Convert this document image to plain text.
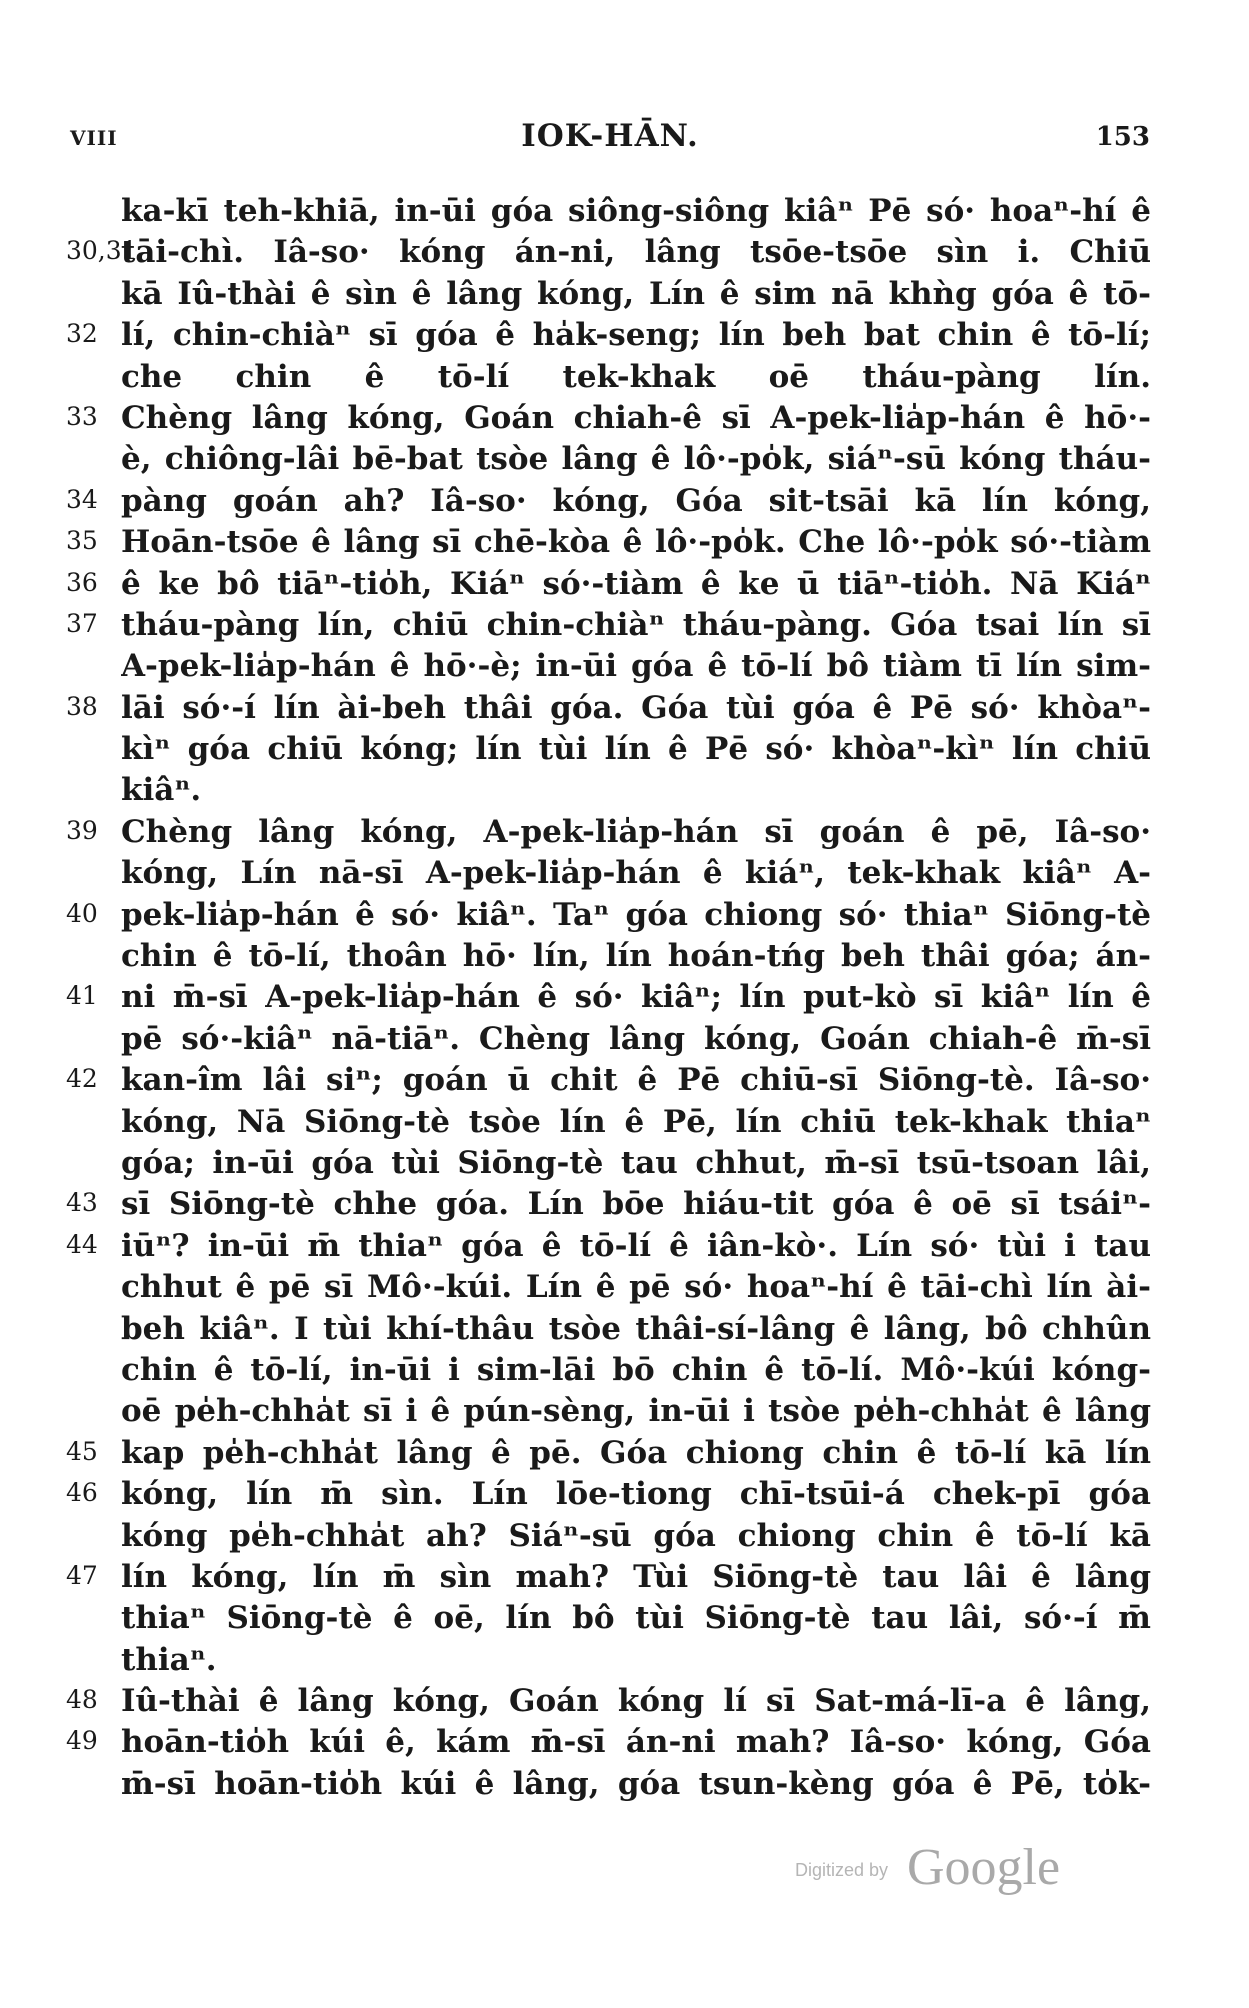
VIII	IOK-HĀN.	153
ka-kī teh-khiā, in-ūi góa siông-siông kiâⁿ Pē só· hoaⁿ-hí ê
30,31
tāi-chì. Iâ-so· kóng án-ni, lâng tsōe-tsōe sìn i. Chiū
kā Iû-thài ê sìn ê lâng kóng, Lín ê sim nā khǹg góa ê tō-
32 lí, chin-chiàⁿ sī góa ê ha̍k-seng; lín beh bat chin ê tō-lí;
che chin ê tō-lí tek-khak oē tháu-pàng lín.
33 Chèng lâng kóng, Goán chiah-ê sī A-pek-lia̍p-hán ê hō·-
è, chiông-lâi bē-bat tsòe lâng ê lô·-po̍k, siáⁿ-sū kóng tháu-
34 pàng goán ah? Iâ-so· kóng, Góa sit-tsāi kā lín kóng,
35 Hoān-tsōe ê lâng sī chē-kòa ê lô·-po̍k. Che lô·-po̍k só·-tiàm
36 ê ke bô tiāⁿ-tio̍h, Kiáⁿ só·-tiàm ê ke ū tiāⁿ-tio̍h. Nā Kiáⁿ
37 tháu-pàng lín, chiū chin-chiàⁿ tháu-pàng. Góa tsai lín sī
A-pek-lia̍p-hán ê hō·-è; in-ūi góa ê tō-lí bô tiàm tī lín sim-
38 lāi só·-í lín ài-beh thâi góa. Góa tùi góa ê Pē só· khòaⁿ-
kìⁿ góa chiū kóng; lín tùi lín ê Pē só· khòaⁿ-kìⁿ lín chiū
kiâⁿ.
39 Chèng lâng kóng, A-pek-lia̍p-hán sī goán ê pē, Iâ-so·
kóng, Lín nā-sī A-pek-lia̍p-hán ê kiáⁿ, tek-khak kiâⁿ A-
40 pek-lia̍p-hán ê só· kiâⁿ. Taⁿ góa chiong só· thiaⁿ Siōng-tè
chin ê tō-lí, thoân hō· lín, lín hoán-tńg beh thâi góa; án-
41 ni m̄-sī A-pek-lia̍p-hán ê só· kiâⁿ; lín put-kò sī kiâⁿ lín ê
pē só·-kiâⁿ nā-tiāⁿ. Chèng lâng kóng, Goán chiah-ê m̄-sī
42 kan-îm lâi siⁿ; goán ū chit ê Pē chiū-sī Siōng-tè. Iâ-so·
kóng, Nā Siōng-tè tsòe lín ê Pē, lín chiū tek-khak thiaⁿ
góa; in-ūi góa tùi Siōng-tè tau chhut, m̄-sī tsū-tsoan lâi,
43 sī Siōng-tè chhe góa. Lín bōe hiáu-tit góa ê oē sī tsáiⁿ-
44 iūⁿ? in-ūi m̄ thiaⁿ góa ê tō-lí ê iân-kò·. Lín só· tùi i tau
chhut ê pē sī Mô·-kúi. Lín ê pē só· hoaⁿ-hí ê tāi-chì lín ài-
beh kiâⁿ. I tùi khí-thâu tsòe thâi-sí-lâng ê lâng, bô chhûn
chin ê tō-lí, in-ūi i sim-lāi bō chin ê tō-lí. Mô·-kúi kóng-
oē pe̍h-chha̍t sī i ê pún-sèng, in-ūi i tsòe pe̍h-chha̍t ê lâng
45 kap pe̍h-chha̍t lâng ê pē. Góa chiong chin ê tō-lí kā lín
46 kóng, lín m̄ sìn. Lín lōe-tiong chī-tsūi-á chek-pī góa
kóng pe̍h-chha̍t ah? Siáⁿ-sū góa chiong chin ê tō-lí kā
47 lín kóng, lín m̄ sìn mah? Tùi Siōng-tè tau lâi ê lâng
thiaⁿ Siōng-tè ê oē, lín bô tùi Siōng-tè tau lâi, só·-í m̄
thiaⁿ.
48 Iû-thài ê lâng kóng, Goán kóng lí sī Sat-má-lī-a ê lâng,
49 hoān-tio̍h kúi ê, kám m̄-sī án-ni mah? Iâ-so· kóng, Góa
m̄-sī hoān-tio̍h kúi ê lâng, góa tsun-kèng góa ê Pē, to̍k-
Digitized by Google
